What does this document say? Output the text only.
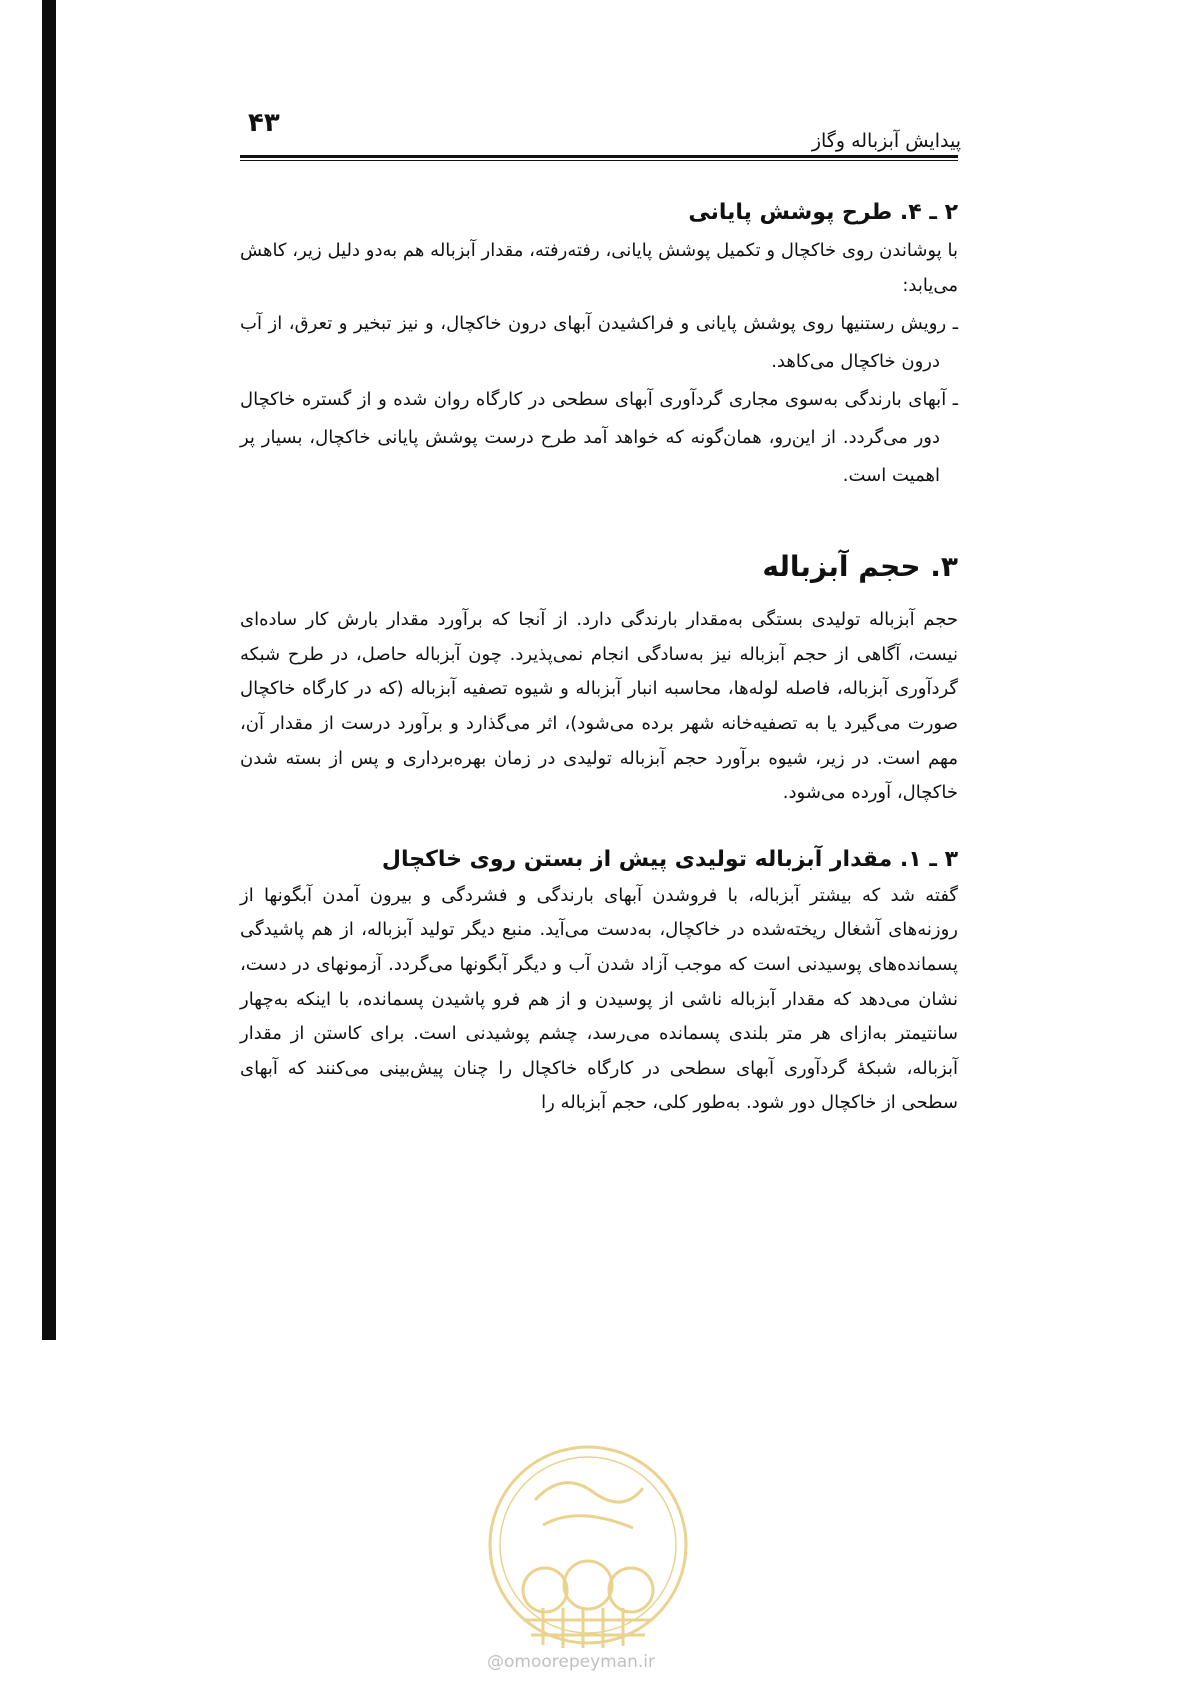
۴۳
پیدایش آبزباله وگاز

۲ ـ ۴. طرح پوشش پایانی

با پوشاندن روی خاکچال و تکمیل پوشش پایانی، رفته‌رفته، مقدار آبزباله هم به‌دو دلیل زیر، کاهش می‌یابد:

ـ رویش رستنیها روی پوشش پایانی و فراکشیدن آبهای درون خاکچال، و نیز تبخیر و تعرق، از آب درون خاکچال می‌کاهد.

ـ آبهای بارندگی به‌سوی مجاری گردآوری آبهای سطحی در کارگاه روان شده و از گستره خاکچال دور می‌گردد. از این‌رو، همان‌گونه که خواهد آمد طرح درست پوشش پایانی خاکچال، بسیار پر اهمیت است.

۳. حجم آبزباله

حجم آبزباله تولیدی بستگی به‌مقدار بارندگی دارد. از آنجا که برآورد مقدار بارش کار ساده‌ای نیست، آگاهی از حجم آبزباله نیز به‌سادگی انجام نمی‌پذیرد. چون آبزباله حاصل، در طرح شبکه گردآوری آبزباله، فاصله لوله‌ها، محاسبه انبار آبزباله و شیوه تصفیه آبزباله (که در کارگاه خاکچال صورت می‌گیرد یا به تصفیه‌خانه شهر برده می‌شود)، اثر می‌گذارد و برآورد درست از مقدار آن، مهم است. در زیر، شیوه برآورد حجم آبزباله تولیدی در زمان بهره‌برداری و پس از بسته شدن خاکچال، آورده می‌شود.

۳ ـ ۱. مقدار آبزباله تولیدی پیش از بستن روی خاکچال

گفته شد که بیشتر آبزباله، با فروشدن آبهای بارندگی و فشردگی و بیرون آمدن آبگونها از روزنه‌های آشغال ریخته‌شده در خاکچال، به‌دست می‌آید. منبع دیگر تولید آبزباله، از هم پاشیدگی پسمانده‌های پوسیدنی است که موجب آزاد شدن آب و دیگر آبگونها می‌گردد. آزمونهای در دست، نشان می‌دهد که مقدار آبزباله ناشی از پوسیدن و از هم فرو پاشیدن پسمانده، با اینکه به‌چهار سانتیمتر به‌ازای هر متر بلندی پسمانده می‌رسد، چشم پوشیدنی است. برای کاستن از مقدار آبزباله، شبکهٔ گردآوری آبهای سطحی در کارگاه خاکچال را چنان پیش‌بینی می‌کنند که آبهای سطحی از خاکچال دور شود. به‌طور کلی، حجم آبزباله را

@omoorepeyman.ir
